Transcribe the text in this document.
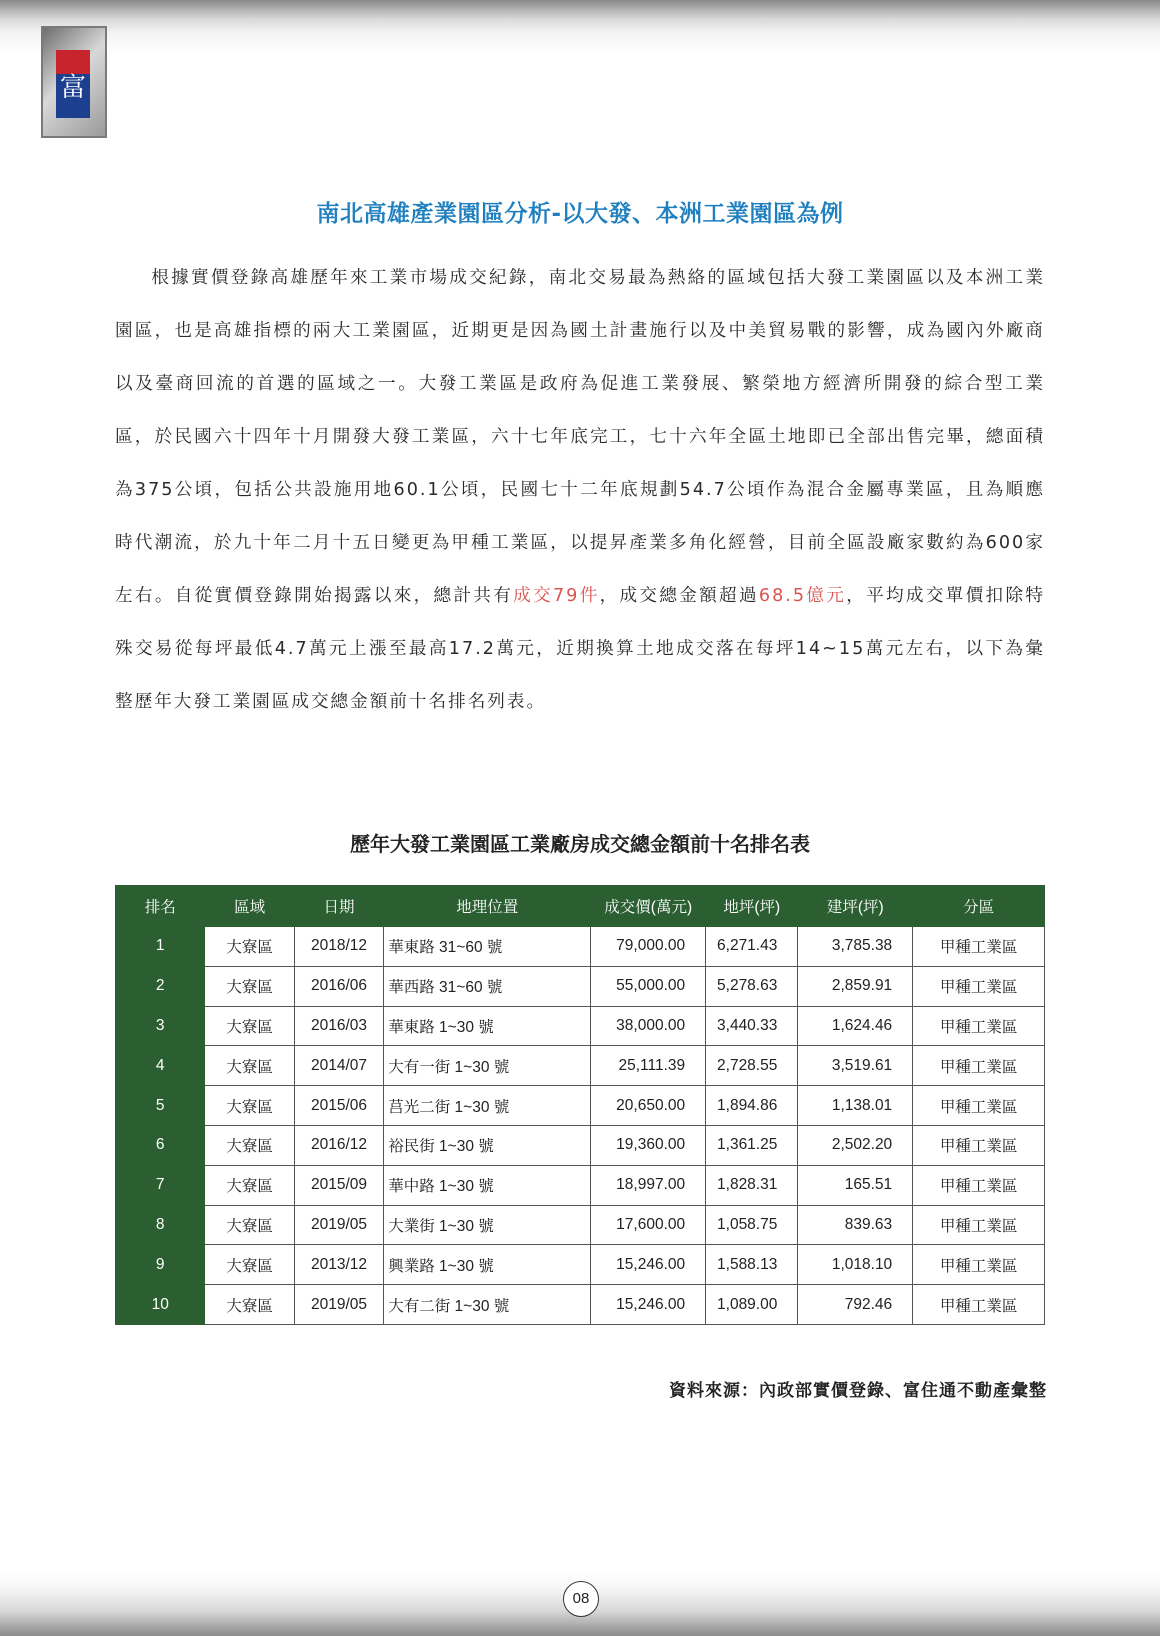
富
南北高雄產業園區分析-以大發、本洲工業園區為例
根據實價登錄高雄歷年來工業市場成交紀錄，南北交易最為熱絡的區域包括大發工業園區以及本洲工業園區，也是高雄指標的兩大工業園區，近期更是因為國土計畫施行以及中美貿易戰的影響，成為國內外廠商以及臺商回流的首選的區域之一。大發工業區是政府為促進工業發展、繁榮地方經濟所開發的綜合型工業區，於民國六十四年十月開發大發工業區，六十七年底完工，七十六年全區土地即已全部出售完畢，總面積為375公頃，包括公共設施用地60.1公頃，民國七十二年底規劃54.7公頃作為混合金屬專業區，且為順應時代潮流，於九十年二月十五日變更為甲種工業區，以提昇產業多角化經營，目前全區設廠家數約為600家左右。自從實價登錄開始揭露以來，總計共有成交79件，成交總金額超過68.5億元，平均成交單價扣除特殊交易從每坪最低4.7萬元上漲至最高17.2萬元，近期換算土地成交落在每坪14~15萬元左右，以下為彙整歷年大發工業園區成交總金額前十名排名列表。
歷年大發工業園區工業廠房成交總金額前十名排名表
排名	區域	日期	地理位置	成交價(萬元)	地坪(坪)	建坪(坪)	分區
1	大寮區	2018/12	華東路 31~60 號	79,000.00	6,271.43	3,785.38	甲種工業區
2	大寮區	2016/06	華西路 31~60 號	55,000.00	5,278.63	2,859.91	甲種工業區
3	大寮區	2016/03	華東路 1~30 號	38,000.00	3,440.33	1,624.46	甲種工業區
4	大寮區	2014/07	大有一街 1~30 號	25,111.39	2,728.55	3,519.61	甲種工業區
5	大寮區	2015/06	莒光二街 1~30 號	20,650.00	1,894.86	1,138.01	甲種工業區
6	大寮區	2016/12	裕民街 1~30 號	19,360.00	1,361.25	2,502.20	甲種工業區
7	大寮區	2015/09	華中路 1~30 號	18,997.00	1,828.31	165.51	甲種工業區
8	大寮區	2019/05	大業街 1~30 號	17,600.00	1,058.75	839.63	甲種工業區
9	大寮區	2013/12	興業路 1~30 號	15,246.00	1,588.13	1,018.10	甲種工業區
10	大寮區	2019/05	大有二街 1~30 號	15,246.00	1,089.00	792.46	甲種工業區
資料來源：內政部實價登錄、富住通不動產彙整
08
